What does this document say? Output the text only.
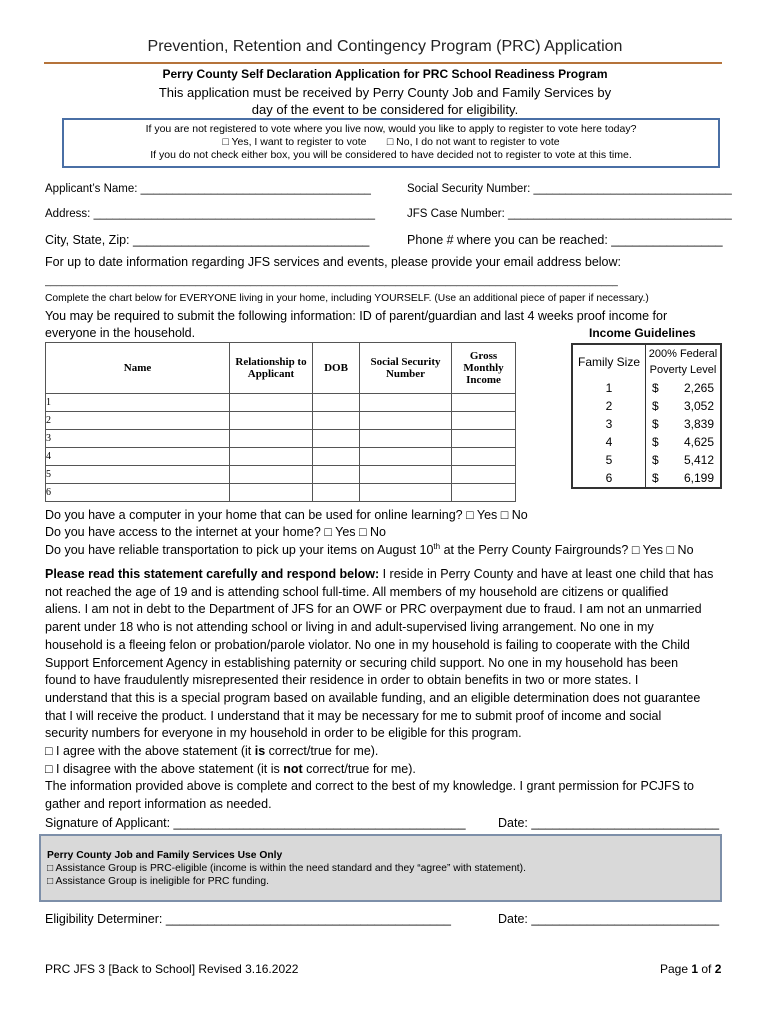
Prevention, Retention and Contingency Program (PRC) Application
Perry County Self Declaration Application for PRC School Readiness Program
This application must be received by Perry County Job and Family Services by
day of the event to be considered for eligibility.
If you are not registered to vote where you live now, would you like to apply to register to vote here today?
□ Yes, I want to register to vote □ No, I do not want to register to vote
If you do not check either box, you will be considered to have decided not to register to vote at this time.
Applicant’s Name: ____________________________________	Social Security Number: _______________________________
Address: ____________________________________________	JFS Case Number: ___________________________________
City, State, Zip: __________________________________	Phone # where you can be reached: ________________
For up to date information regarding JFS services and events, please provide your email address below:
_______________________________________________________________________________________________________
Complete the chart below for EVERYONE living in your home, including YOURSELF. (Use an additional piece of paper if necessary.)
You may be required to submit the following information: ID of parent/guardian and last 4 weeks proof income for
everyone in the household.	Income Guidelines
Name	Relationship to Applicant	DOB	Social Security Number	Gross Monthly Income
1				
2				
3				
4				
5				
6				
Family Size	200% Federal Poverty Level
1	$ 2,265
2	$ 3,052
3	$ 3,839
4	$ 4,625
5	$ 5,412
6	$ 6,199
Do you have a computer in your home that can be used for online learning? □ Yes □ No
Do you have access to the internet at your home? □ Yes □ No
Do you have reliable transportation to pick up your items on August 10th at the Perry County Fairgrounds? □ Yes □ No

Please read this statement carefully and respond below: I reside in Perry County and have at least one child that has

not reached the age of 19 and is attending school full-time. All members of my household are citizens or qualified

aliens. I am not in debt to the Department of JFS for an OWF or PRC overpayment due to fraud. I am not an unmarried

parent under 18 who is not attending school or living in and adult-supervised living arrangement. No one in my

household is a fleeing felon or probation/parole violator. No one in my household is failing to cooperate with the Child

Support Enforcement Agency in establishing paternity or securing child support. No one in my household has been

found to have fraudulently misrepresented their residence in order to obtain benefits in two or more states. I

understand that this is a special program based on available funding, and an eligible determination does not guarantee

that I will receive the product. I understand that it may be necessary for me to submit proof of income and social

security numbers for everyone in my household in order to be eligible for this program.

□ I agree with the above statement (it is correct/true for me).

□ I disagree with the above statement (it is not correct/true for me).

The information provided above is complete and correct to the best of my knowledge. I grant permission for PCJFS to

gather and report information as needed.

Signature of Applicant: __________________________________________	Date: ___________________________
Perry County Job and Family Services Use Only
□ Assistance Group is PRC-eligible (income is within the need standard and they “agree” with statement).
□ Assistance Group is ineligible for PRC funding.
Eligibility Determiner: _________________________________________	Date: ___________________________
PRC JFS 3 [Back to School] Revised 3.16.2022	Page 1 of 2
